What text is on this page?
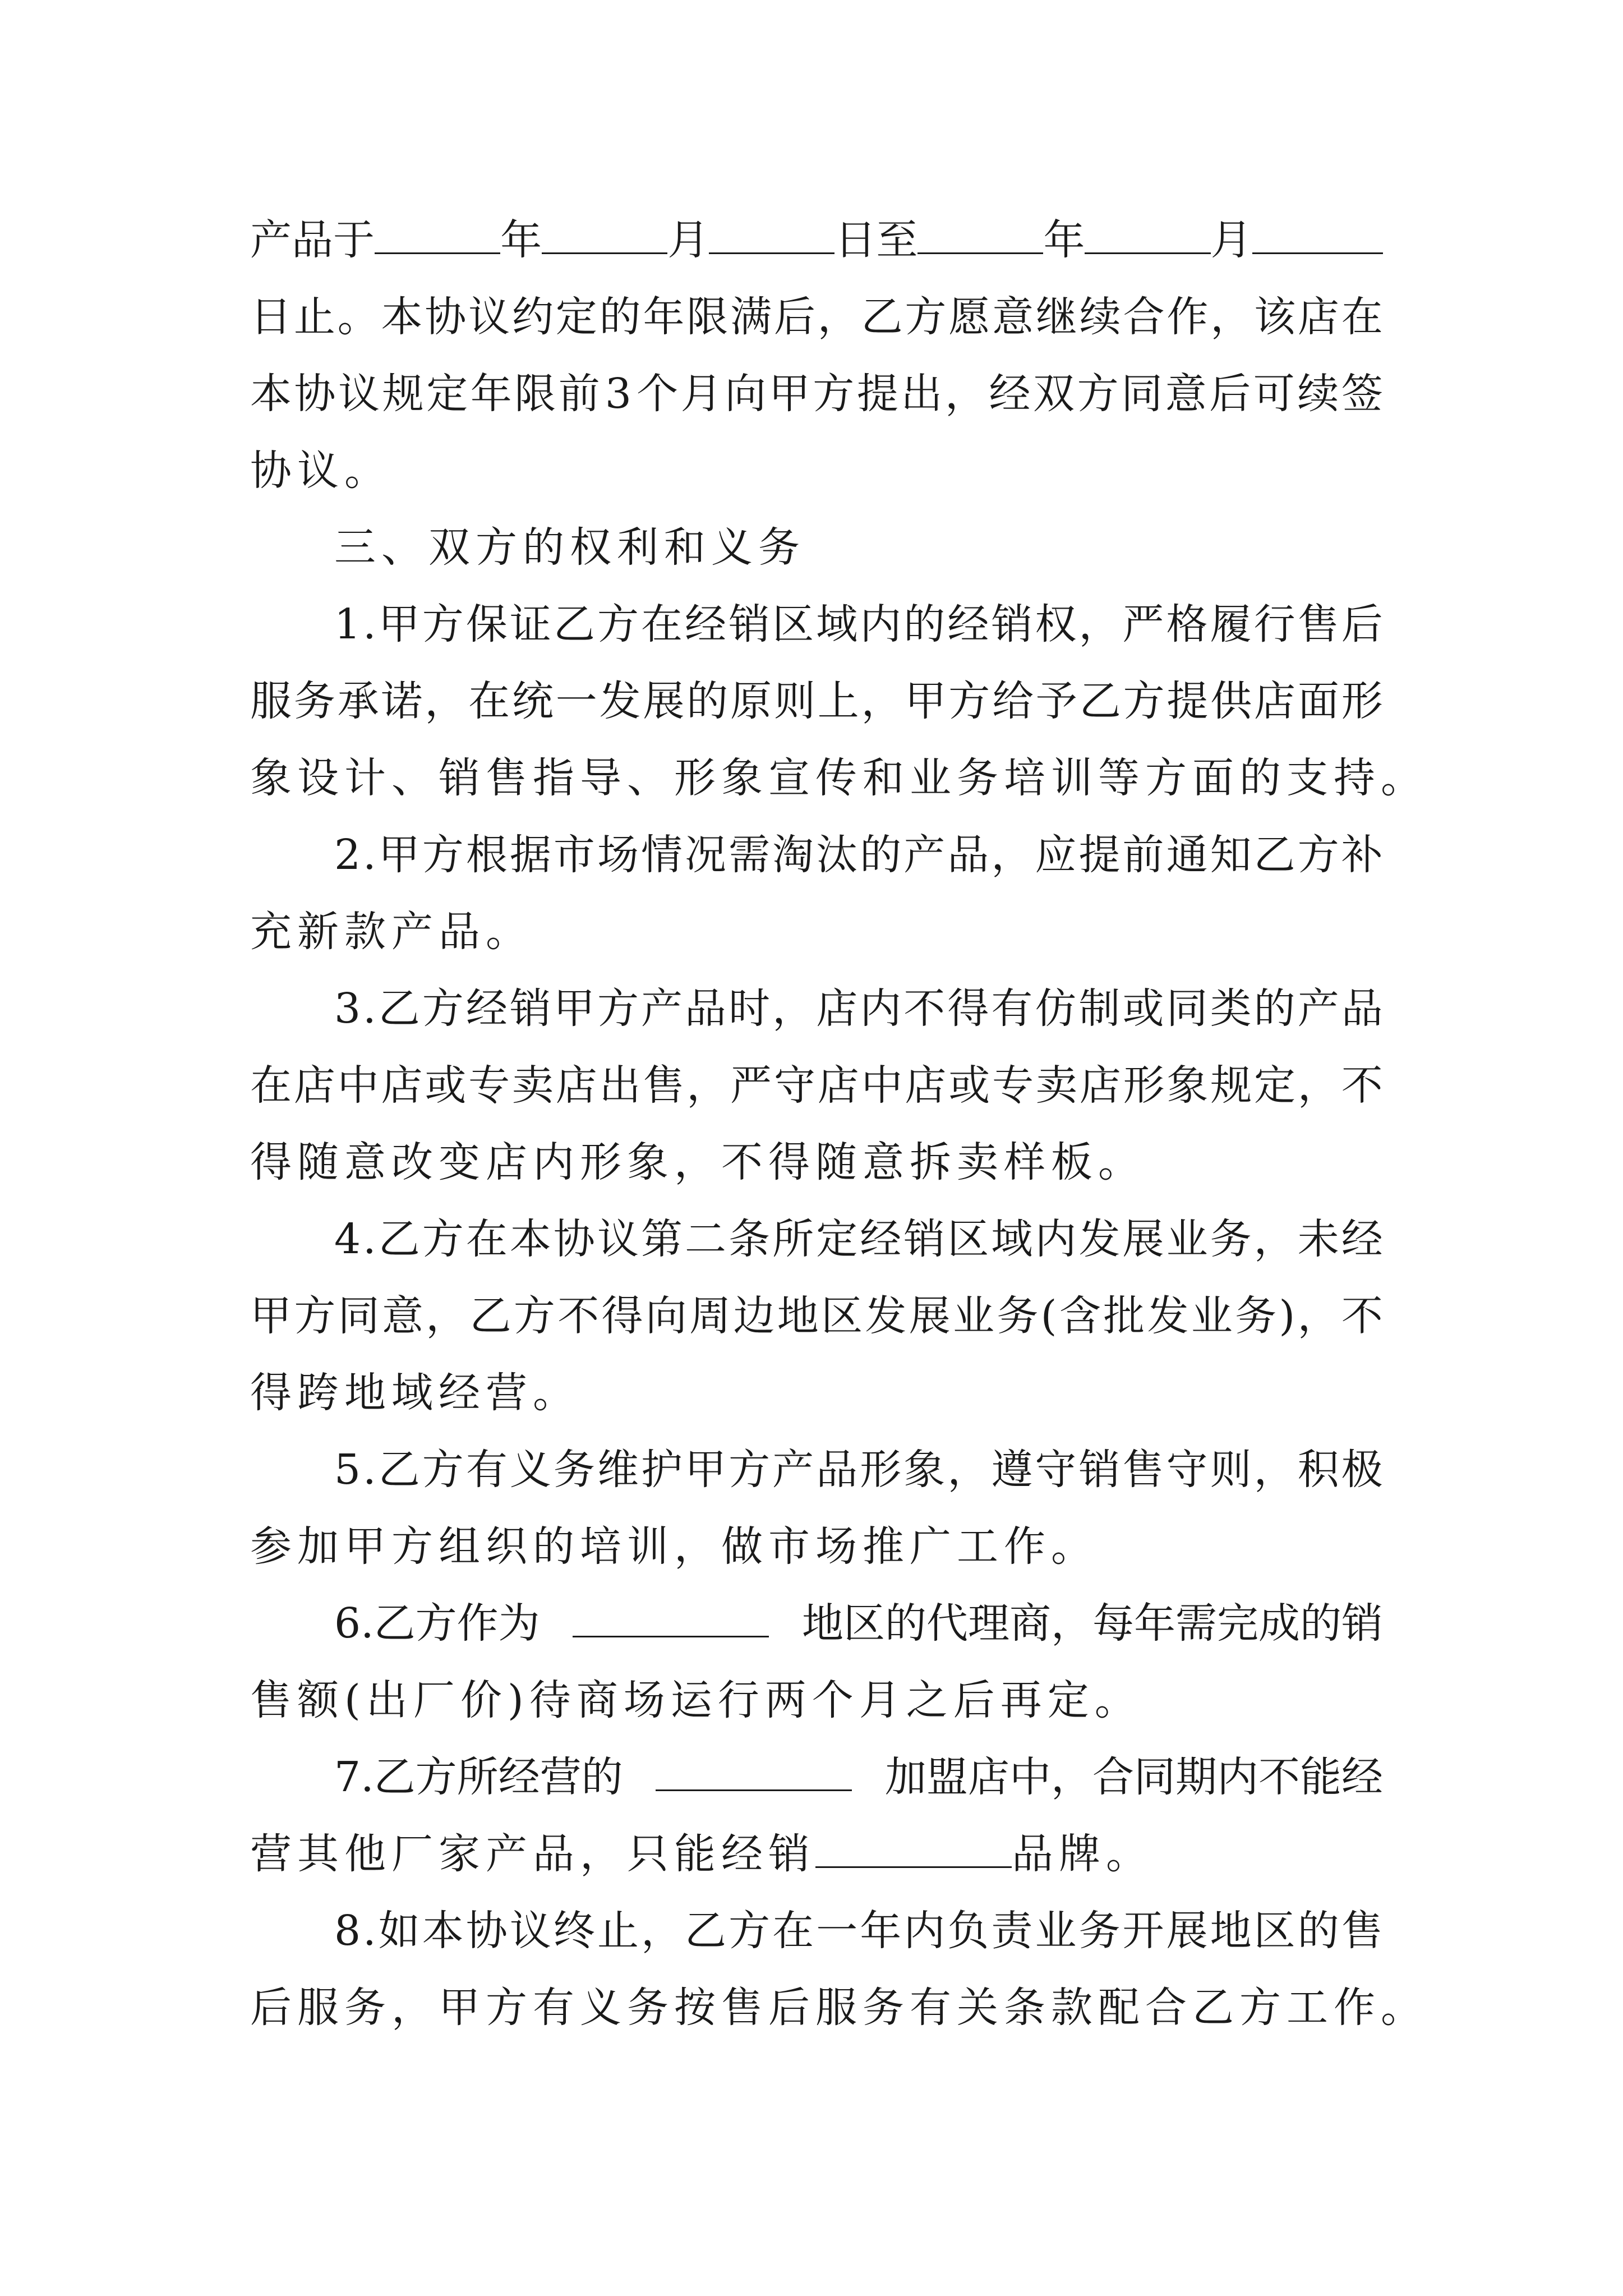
产品于	年	月	日至	年	月
日 止 。 本 协 议 约 定 的 年 限 满 后 ， 乙 方 愿 意 继 续 合 作 ， 该 店 在
本 协 议 规 定 年 限 前 3 个 月 向 甲 方 提 出 ， 经 双 方 同 意 后 可 续 签
协议。
三、双方的权利和义务
1 . 甲 方 保 证 乙 方 在 经 销 区 域 内 的 经 销 权 ， 严 格 履 行 售 后
服 务 承 诺 ， 在 统 一 发 展 的 原 则 上 ， 甲 方 给 予 乙 方 提 供 店 面 形
象设计、销售指导、形象宣传和业务培训等方面的支持。
2 . 甲 方 根 据 市 场 情 况 需 淘 汰 的 产 品 ， 应 提 前 通 知 乙 方 补
充新款产品。
3 . 乙 方 经 销 甲 方 产 品 时 ， 店 内 不 得 有 仿 制 或 同 类 的 产 品
在 店 中 店 或 专 卖 店 出 售 ， 严 守 店 中 店 或 专 卖 店 形 象 规 定 ， 不
得随意改变店内形象，不得随意拆卖样板。
4 . 乙 方 在 本 协 议 第 二 条 所 定 经 销 区 域 内 发 展 业 务 ， 未 经
甲 方 同 意 ， 乙 方 不 得 向 周 边 地 区 发 展 业 务 ( 含 批 发 业 务 ) ， 不
得跨地域经营。
5 . 乙 方 有 义 务 维 护 甲 方 产 品 形 象 ， 遵 守 销 售 守 则 ， 积 极
参加甲方组织的培训，做市场推广工作。
6.乙方作为	地区的代理商，每年需完成的销
售额(出厂价)待商场运行两个月之后再定。
7.乙方所经营的	加盟店中，合同期内不能经
营其他厂家产品，只能经销	品牌。
8 . 如 本 协 议 终 止 ， 乙 方 在 一 年 内 负 责 业 务 开 展 地 区 的 售
后服务，甲方有义务按售后服务有关条款配合乙方工作。
